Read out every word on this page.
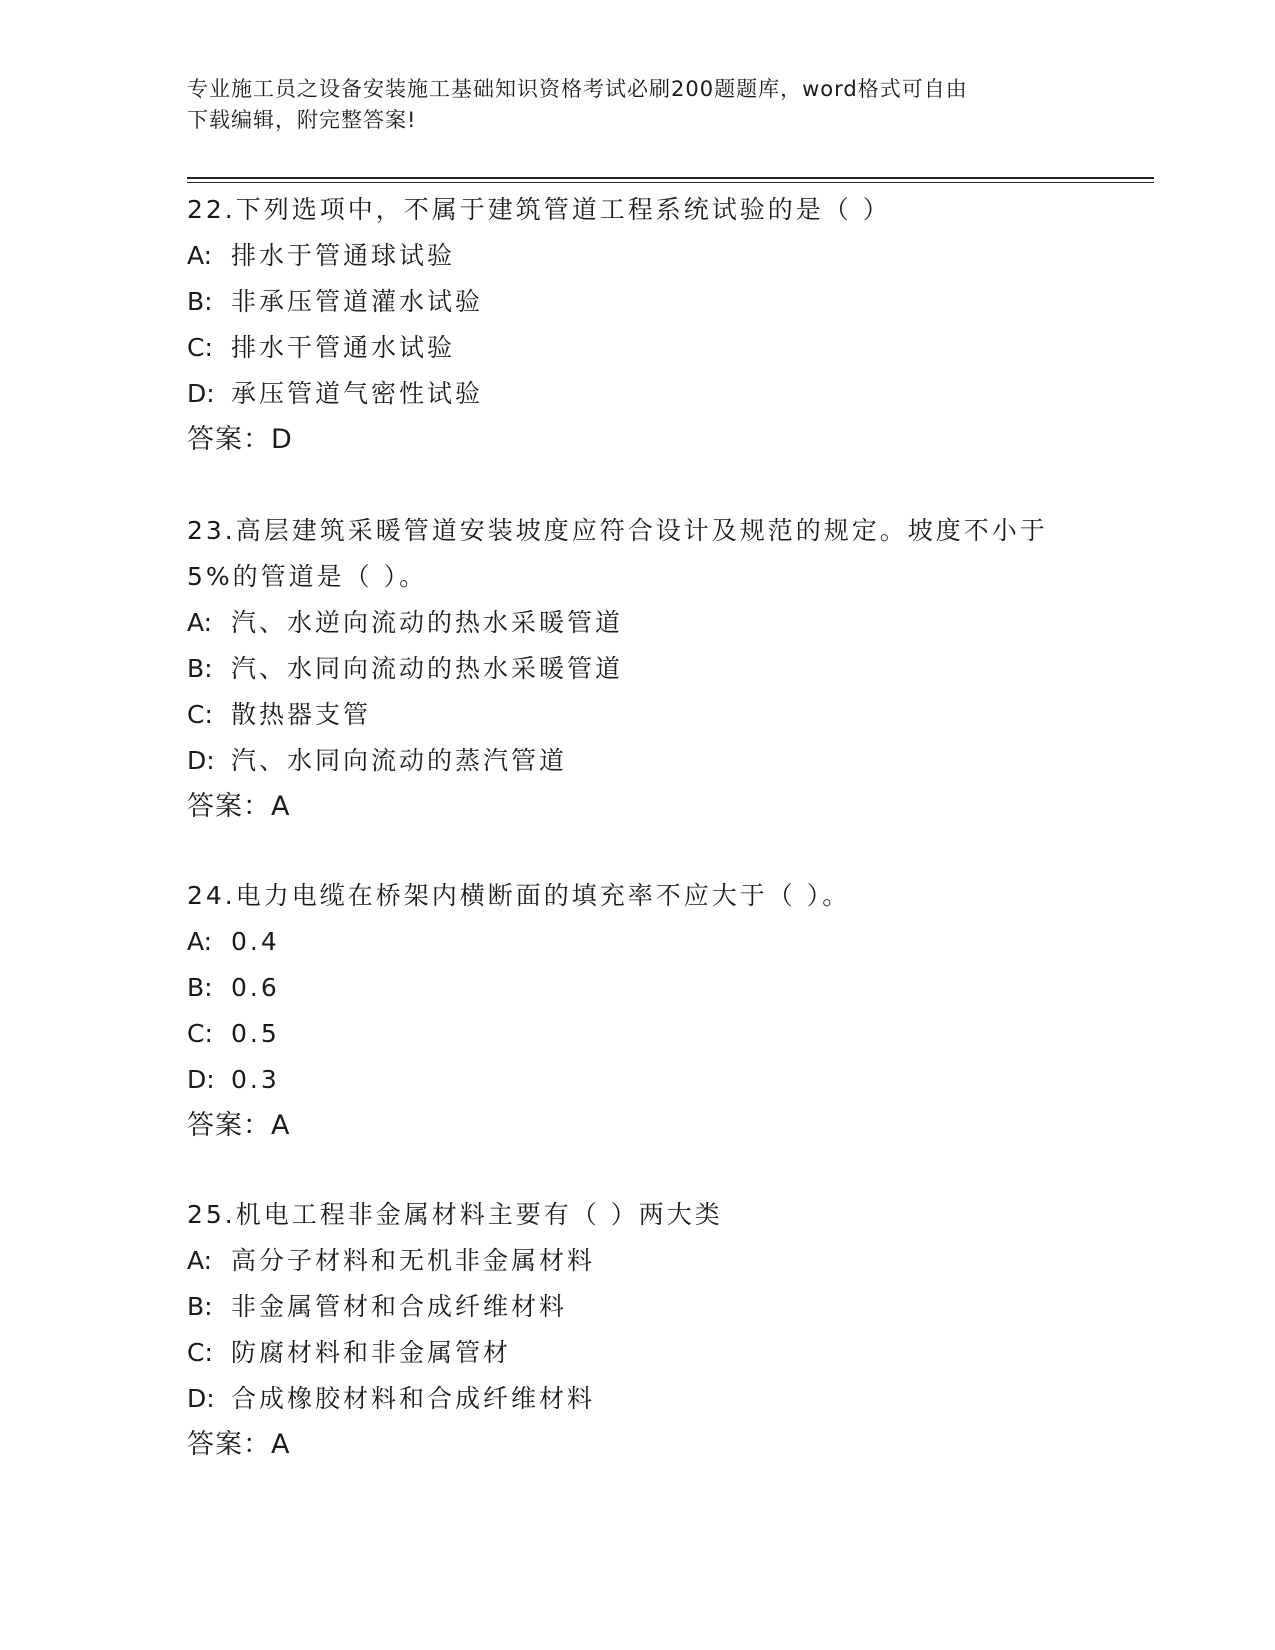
专业施工员之设备安装施工基础知识资格考试必刷200题题库，word格式可自由
下载编辑，附完整答案!

22.下列选项中，不属于建筑管道工程系统试验的是（ ）

A: 排水于管通球试验

B: 非承压管道灌水试验

C: 排水干管通水试验

D: 承压管道气密性试验

答案：D

23.高层建筑采暖管道安装坡度应符合设计及规范的规定。坡度不小于5%的管道是（ ）。

A: 汽、水逆向流动的热水采暖管道

B: 汽、水同向流动的热水采暖管道

C: 散热器支管

D: 汽、水同向流动的蒸汽管道

答案：A

24.电力电缆在桥架内横断面的填充率不应大于（ ）。

A: 0.4

B: 0.6

C: 0.5

D: 0.3

答案：A

25.机电工程非金属材料主要有（ ）两大类

A: 高分子材料和无机非金属材料

B: 非金属管材和合成纤维材料

C: 防腐材料和非金属管材

D: 合成橡胶材料和合成纤维材料

答案：A
